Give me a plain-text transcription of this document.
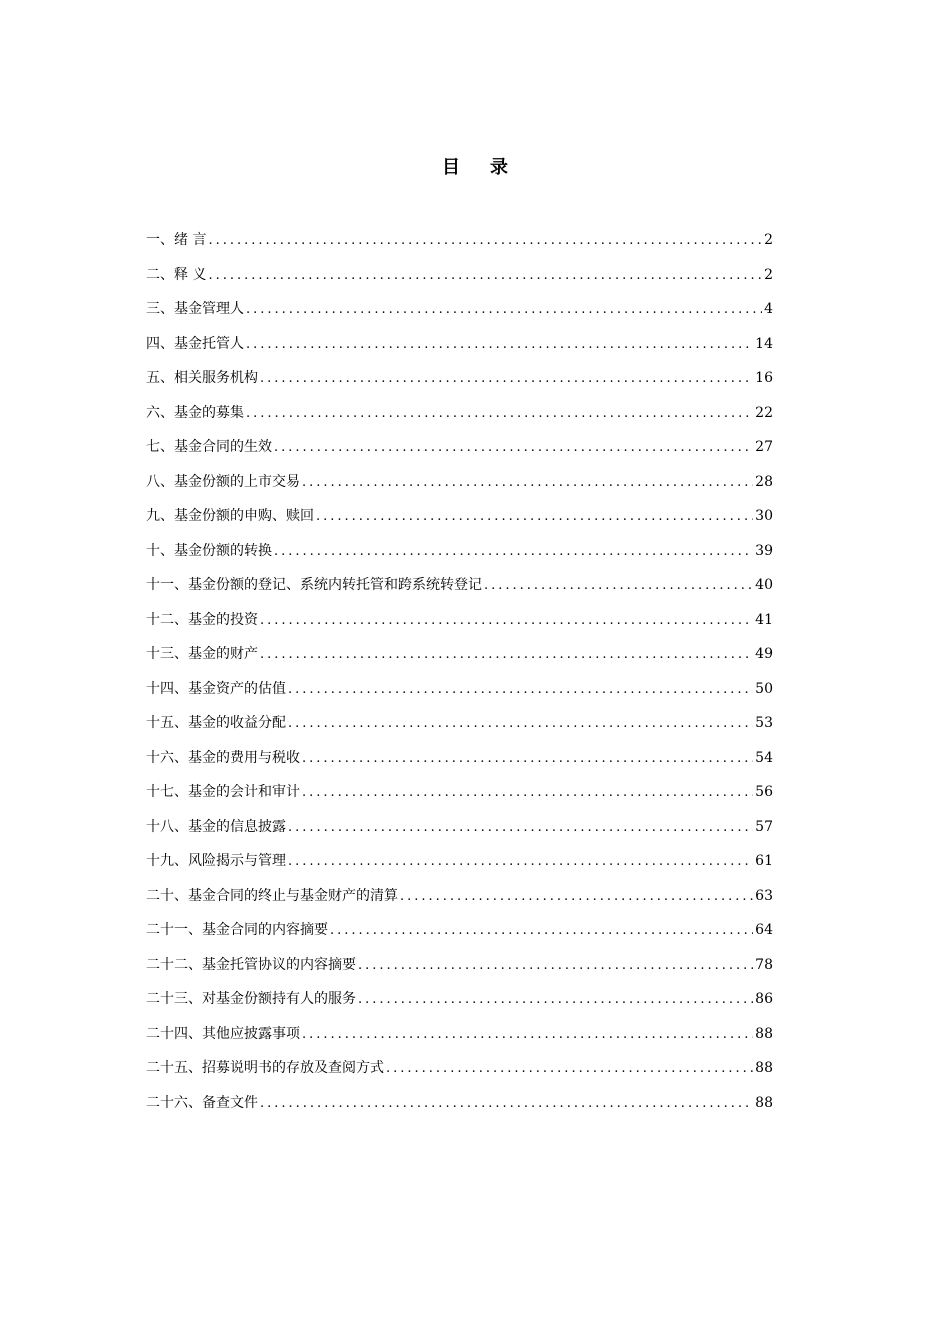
目录
一、绪 言 .....	2
二、释 义 .....	2
三、基金管理人 .....	4
四、基金托管人 .....	14
五、相关服务机构 .....	16
六、基金的募集 .....	22
七、基金合同的生效 .....	27
八、基金份额的上市交易 .....	28
九、基金份额的申购、赎回 .....	30
十、基金份额的转换 .....	39
十一、基金份额的登记、系统内转托管和跨系统转登记 .....	40
十二、基金的投资 .....	41
十三、基金的财产 .....	49
十四、基金资产的估值 .....	50
十五、基金的收益分配 .....	53
十六、基金的费用与税收 .....	54
十七、基金的会计和审计 .....	56
十八、基金的信息披露 .....	57
十九、风险揭示与管理 .....	61
二十、基金合同的终止与基金财产的清算 .....	63
二十一、基金合同的内容摘要 .....	64
二十二、基金托管协议的内容摘要 .....	78
二十三、对基金份额持有人的服务 .....	86
二十四、其他应披露事项 .....	88
二十五、招募说明书的存放及查阅方式 .....	88
二十六、备查文件 .....	88
